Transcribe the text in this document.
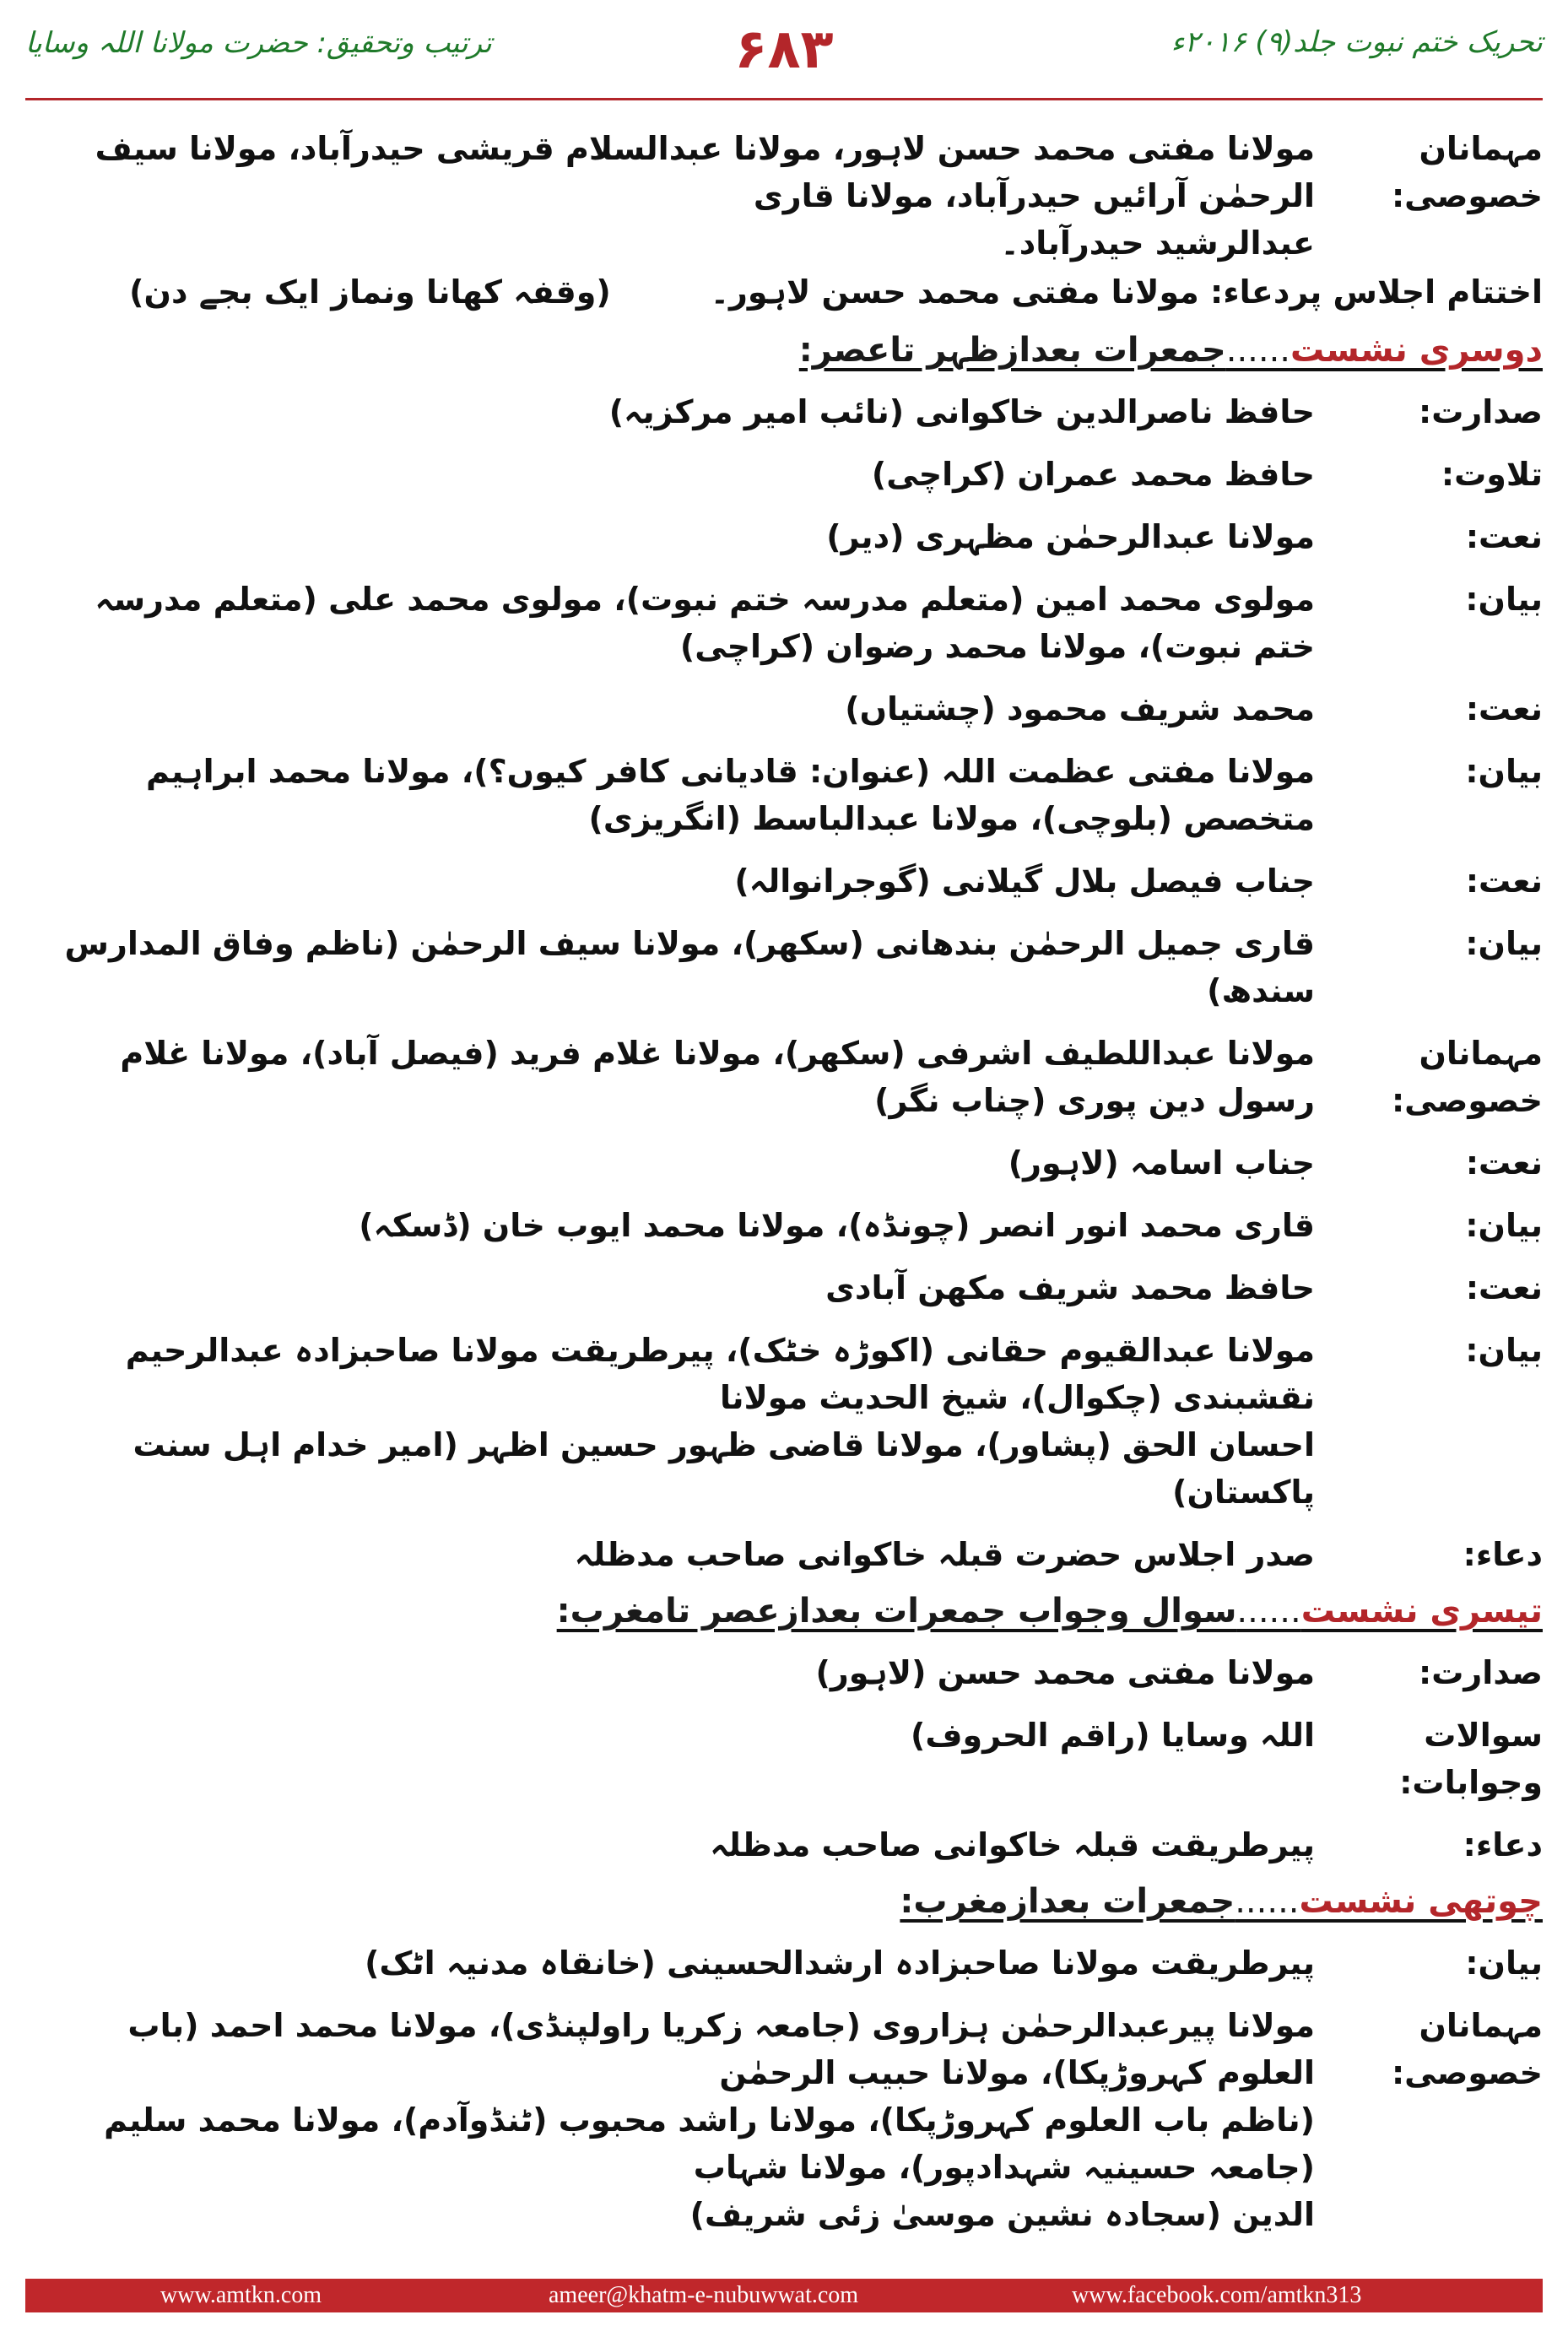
تحریک ختم نبوت جلد(۹) ۲۰۱۶ء
۶۸۳
ترتیب وتحقیق: حضرت مولانا اللہ وسایا
مہمانان خصوصی:

مولانا مفتی محمد حسن لاہور، مولانا عبدالسلام قریشی حیدرآباد، مولانا سیف الرحمٰن آرائیں حیدرآباد، مولانا قاری

عبدالرشید حیدرآباد۔

اختتام اجلاس پردعاء: مولانا مفتی محمد حسن لاہور۔
(وقفہ کھانا ونماز ایک بجے دن)
دوسری نشست......جمعرات بعدازظہر تاعصر:
صدارت:
حافظ ناصرالدین خاکوانی (نائب امیر مرکزیہ)
تلاوت:
حافظ محمد عمران (کراچی)
نعت:
مولانا عبدالرحمٰن مظہری (دیر)
بیان:
مولوی محمد امین (متعلم مدرسہ ختم نبوت)، مولوی محمد علی (متعلم مدرسہ ختم نبوت)، مولانا محمد رضوان (کراچی)
نعت:
محمد شریف محمود (چشتیاں)
بیان:
مولانا مفتی عظمت اللہ (عنوان: قادیانی کافر کیوں؟)، مولانا محمد ابراہیم متخصص (بلوچی)، مولانا عبدالباسط (انگریزی)
نعت:
جناب فیصل بلال گیلانی (گوجرانوالہ)
بیان:
قاری جمیل الرحمٰن بندھانی (سکھر)، مولانا سیف الرحمٰن (ناظم وفاق المدارس سندھ)
مہمانان خصوصی:
مولانا عبداللطیف اشرفی (سکھر)، مولانا غلام فرید (فیصل آباد)، مولانا غلام رسول دین پوری (چناب نگر)
نعت:
جناب اسامہ (لاہور)
بیان:
قاری محمد انور انصر (چونڈہ)، مولانا محمد ایوب خان (ڈسکہ)
نعت:
حافظ محمد شریف مکھن آبادی
بیان:

مولانا عبدالقیوم حقانی (اکوڑہ خٹک)، پیرطریقت مولانا صاحبزادہ عبدالرحیم نقشبندی (چکوال)، شیخ الحدیث مولانا

احسان الحق (پشاور)، مولانا قاضی ظہور حسین اظہر (امیر خدام اہل سنت پاکستان)

دعاء:
صدر اجلاس حضرت قبلہ خاکوانی صاحب مدظلہ
تیسری نشست......سوال وجواب جمعرات بعدازعصر تامغرب:
صدارت:
مولانا مفتی محمد حسن (لاہور)
سوالات وجوابات:
اللہ وسایا (راقم الحروف)
دعاء:
پیرطریقت قبلہ خاکوانی صاحب مدظلہ
چوتھی نشست......جمعرات بعدازمغرب:
بیان:
پیرطریقت مولانا صاحبزادہ ارشدالحسینی (خانقاہ مدنیہ اٹک)
مہمانان خصوصی:

مولانا پیرعبدالرحمٰن ہزاروی (جامعہ زکریا راولپنڈی)، مولانا محمد احمد (باب العلوم کہروڑپکا)، مولانا حبیب الرحمٰن

(ناظم باب العلوم کہروڑپکا)، مولانا راشد محبوب (ٹنڈوآدم)، مولانا محمد سلیم (جامعہ حسینیہ شہدادپور)، مولانا شہاب

الدین (سجادہ نشین موسیٰ زئی شریف)

www.amtkn.com	ameer@khatm-e-nubuwwat.com	www.facebook.com/amtkn313
